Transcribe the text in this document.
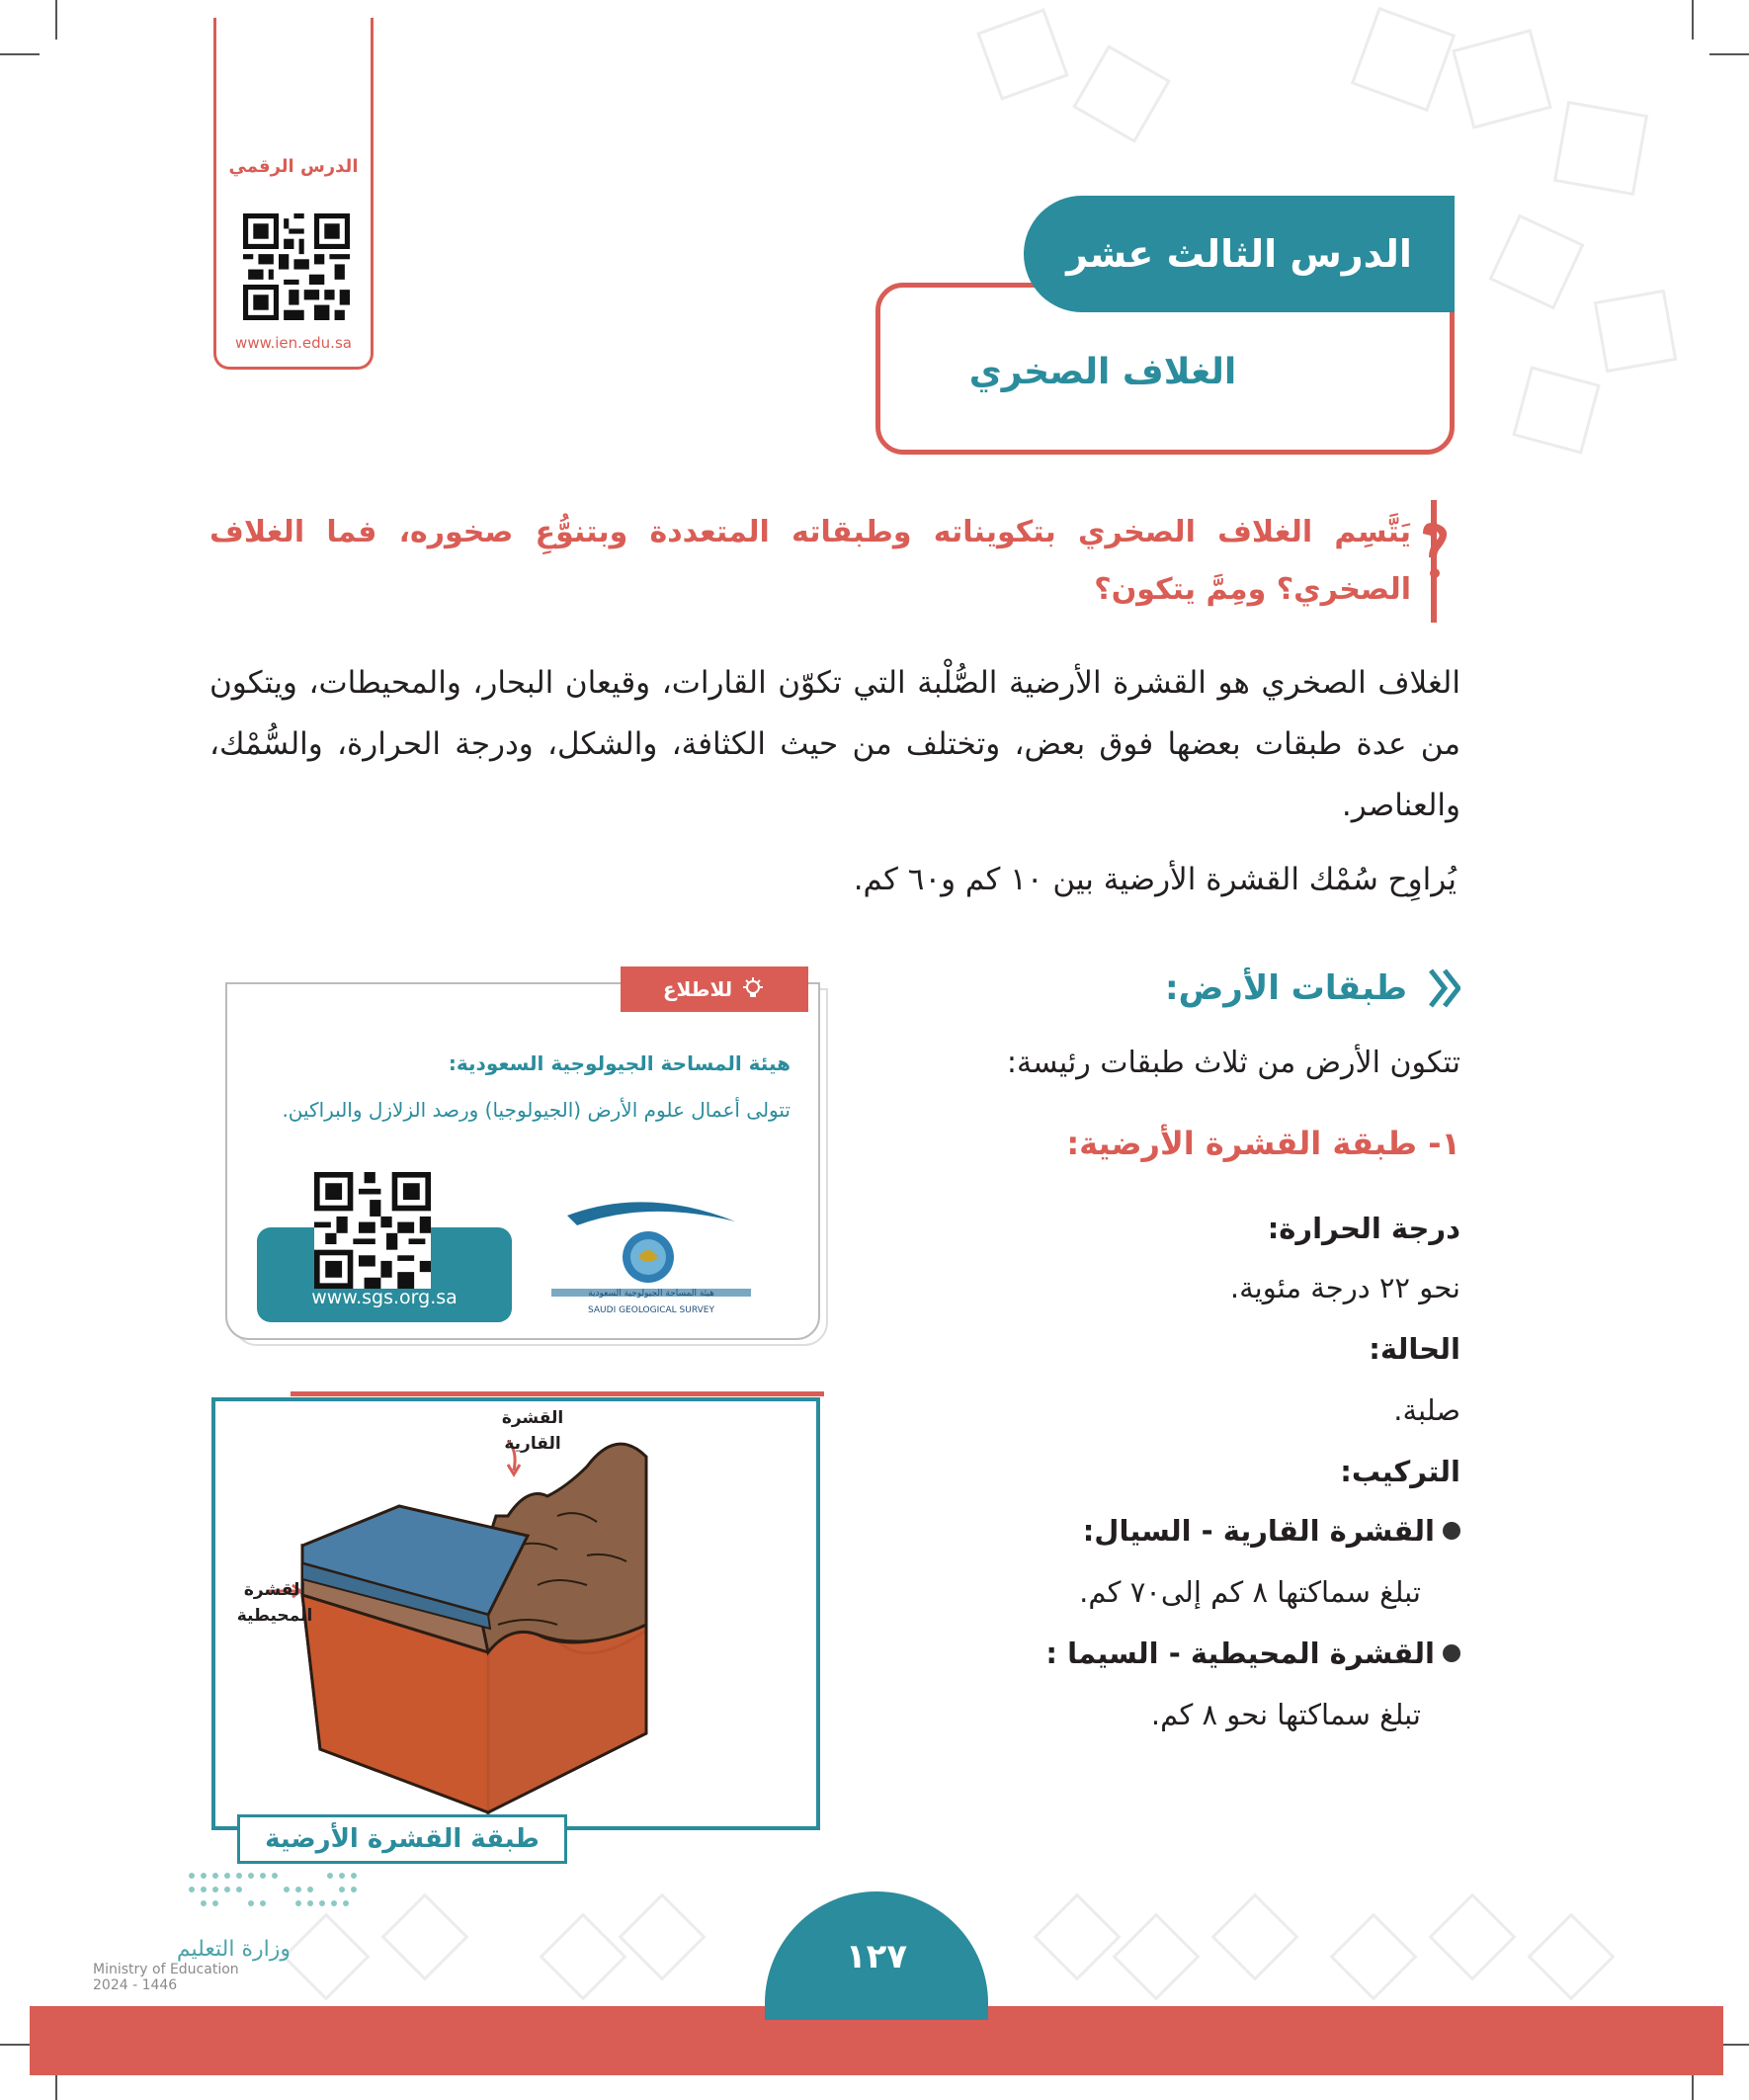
الدرس الرقمي
www.ien.edu.sa
الدرس الثالث عشر
الغلاف الصخري
يَتَّسِم الغلاف الصخري بتكويناته وطبقاته المتعددة وبتنوُّعِ صخوره، فما الغلاف الصخري؟ ومِمَّ يتكون؟
الغلاف الصخري هو القشرة الأرضية الصُّلْبة التي تكوّن القارات، وقيعان البحار، والمحيطات، ويتكون من عدة طبقات بعضها فوق بعض، وتختلف من حيث الكثافة، والشكل، ودرجة الحرارة، والسُّمْك، والعناصر.
يُراوِح سُمْك القشرة الأرضية بين ١٠ كم و٦٠ كم.
طبقات الأرض:
تتكون الأرض من ثلاث طبقات رئيسة:
١- طبقة القشرة الأرضية:
درجة الحرارة:
نحو ٢٢ درجة مئوية.
الحالة:
صلبة.
التركيب:
القشرة القارية - السيال:
تبلغ سماكتها ٨ كم إلى٧٠ كم.
القشرة المحيطية - السيما :
تبلغ سماكتها نحو ٨ كم.
للاطلاع
هيئة المساحة الجيولوجية السعودية:
تتولى أعمال علوم الأرض (الجيولوجيا) ورصد الزلازل والبراكين.
www.sgs.org.sa	هيئة المساحة الجيولوجية السعودية
SAUDI GEOLOGICAL SURVEY
القشرة القارية
القشرة المحيطية
طبقة القشرة الأرضية
١٢٧
وزارة التعليم
Ministry of Education
2024 - 1446
